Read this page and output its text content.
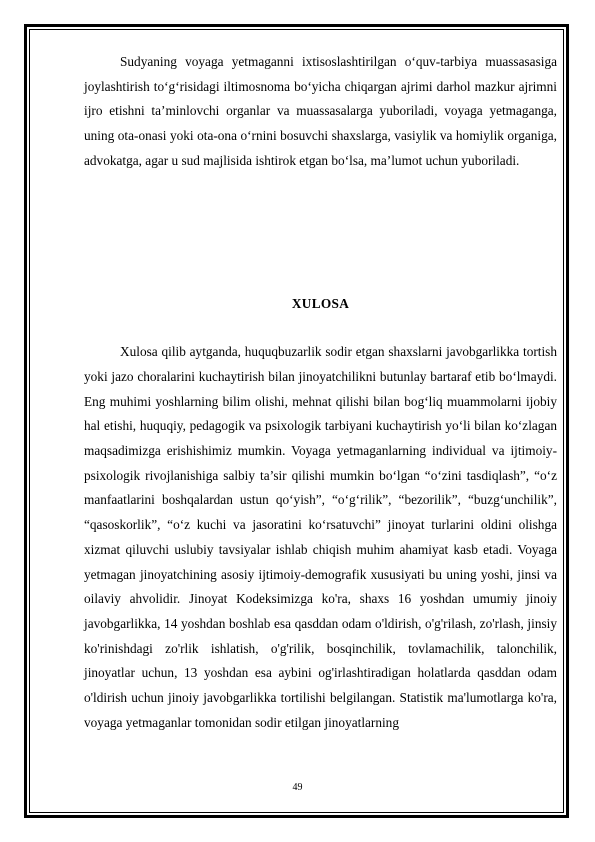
Sudyaning voyaga yetmaganni ixtisoslashtirilgan o‘quv-tarbiya muassasasiga joylashtirish to‘g‘risidagi iltimosnoma bo‘yicha chiqargan ajrimi darhol mazkur ajrimni ijro etishni ta’minlovchi organlar va muassasalarga yuboriladi, voyaga yetmaganga, uning ota-onasi yoki ota-ona o‘rnini bosuvchi shaxslarga, vasiylik va homiylik organiga, advokatga, agar u sud majlisida ishtirok etgan bo‘lsa, ma’lumot uchun yuboriladi.

XULOSA

Xulosa qilib aytganda, huquqbuzarlik sodir etgan shaxslarni javobgarlikka tortish yoki jazo choralarini kuchaytirish bilan jinoyatchilikni butunlay bartaraf etib bo‘lmaydi. Eng muhimi yoshlarning bilim olishi, mehnat qilishi bilan bog‘liq muammolarni ijobiy hal etishi, huquqiy, pedagogik va psixologik tarbiyani kuchaytirish yo‘li bilan ko‘zlagan maqsadimizga erishishimiz mumkin. Voyaga yetmaganlarning individual va ijtimoiy-psixologik rivojlanishiga salbiy ta’sir qilishi mumkin bo‘lgan “o‘zini tasdiqlash”, “o‘z manfaatlarini boshqalardan ustun qo‘yish”, “o‘g‘rilik”, “bezorilik”, “buzg‘unchilik”, “qasoskorlik”, “o‘z kuchi va jasoratini ko‘rsatuvchi” jinoyat turlarini oldini olishga xizmat qiluvchi uslubiy tavsiyalar ishlab chiqish muhim ahamiyat kasb etadi. Voyaga yetmagan jinoyatchining asosiy ijtimoiy-demografik xususiyati bu uning yoshi, jinsi va oilaviy ahvolidir. Jinoyat Kodeksimizga ko'ra, shaxs 16 yoshdan umumiy jinoiy javobgarlikka, 14 yoshdan boshlab esa qasddan odam o'ldirish, o'g'rilash, zo'rlash, jinsiy ko'rinishdagi zo'rlik ishlatish, o'g'rilik, bosqinchilik, tovlamachilik, talonchilik, jinoyatlar uchun, 13 yoshdan esa aybini og'irlashtiradigan holatlarda qasddan odam o'ldirish uchun jinoiy javobgarlikka tortilishi belgilangan. Statistik ma'lumotlarga ko'ra, voyaga yetmaganlar tomonidan sodir etilgan jinoyatlarning

49
